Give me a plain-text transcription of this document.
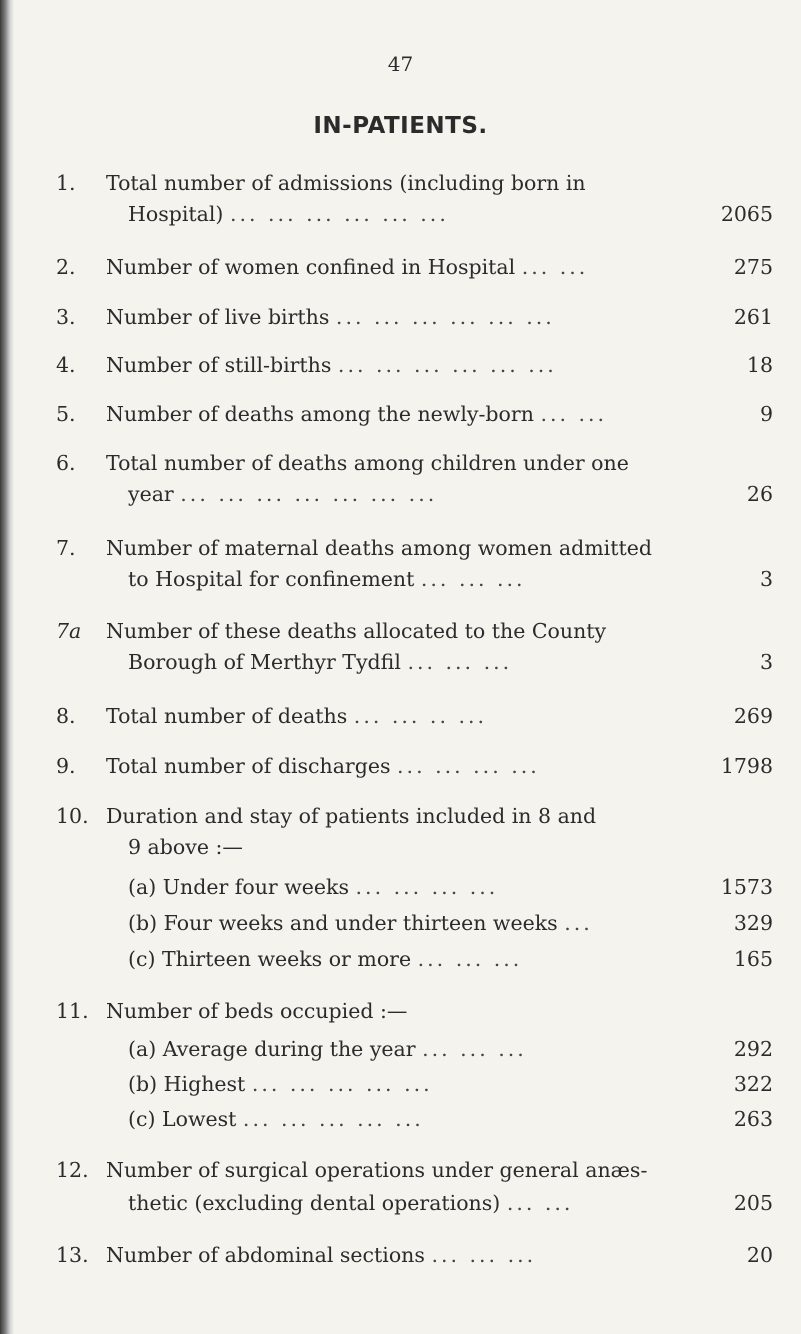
47
IN-PATIENTS.
1. Total number of admissions (including born in
Hospital) ... ... ... ... ... ...	2065
2. Number of women confined in Hospital ... ...	275
3. Number of live births ... ... ... ... ... ...	261
4. Number of still-births ... ... ... ... ... ...	18
5. Number of deaths among the newly-born ... ...	9
6. Total number of deaths among children under one
year ... ... ... ... ... ... ...	26
7. Number of maternal deaths among women admitted
to Hospital for confinement ... ... ...	3
7a Number of these deaths allocated to the County
Borough of Merthyr Tydfil ... ... ...	3
8. Total number of deaths ... ... .. ...	269
9. Total number of discharges ... ... ... ...	1798
10. Duration and stay of patients included in 8 and
9 above :—
(a) Under four weeks ... ... ... ...	1573
(b) Four weeks and under thirteen weeks ...	329
(c) Thirteen weeks or more ... ... ...	165
11. Number of beds occupied :—
(a) Average during the year ... ... ...	292
(b) Highest ... ... ... ... ...	322
(c) Lowest ... ... ... ... ...	263
12. Number of surgical operations under general anæs-
thetic (excluding dental operations) ... ...	205
13. Number of abdominal sections ... ... ...	20
